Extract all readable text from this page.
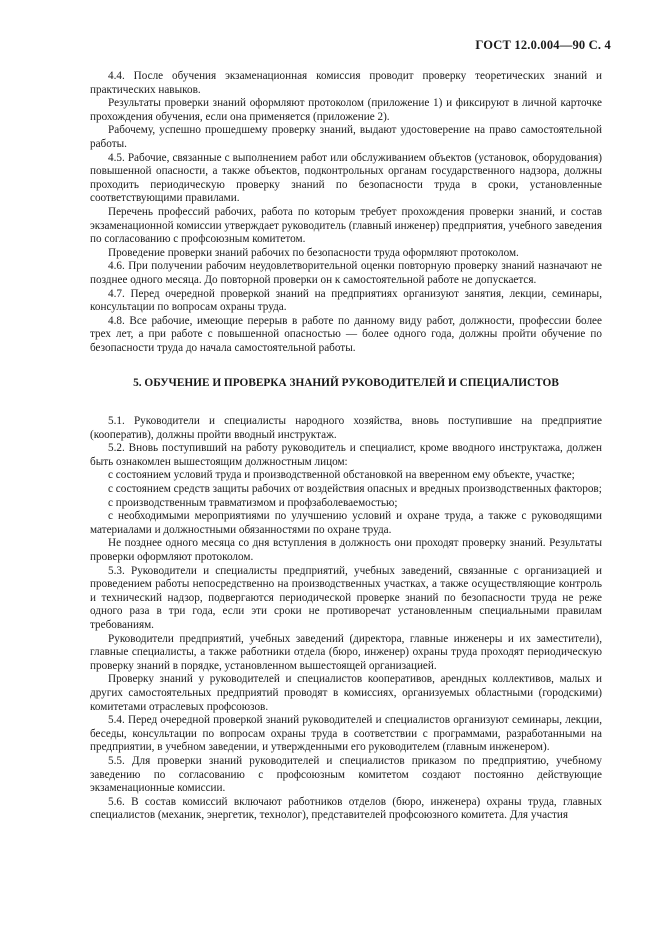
ГОСТ 12.0.004—90 С. 4

4.4. После обучения экзаменационная комиссия проводит проверку теоретических знаний и практических навыков.

Результаты проверки знаний оформляют протоколом (приложение 1) и фиксируют в личной карточке прохождения обучения, если она применяется (приложение 2).

Рабочему, успешно прошедшему проверку знаний, выдают удостоверение на право самостоятельной работы.

4.5. Рабочие, связанные с выполнением работ или обслуживанием объектов (установок, оборудования) повышенной опасности, а также объектов, подконтрольных органам государственного надзора, должны проходить периодическую проверку знаний по безопасности труда в сроки, установленные соответствующими правилами.

Перечень профессий рабочих, работа по которым требует прохождения проверки знаний, и состав экзаменационной комиссии утверждает руководитель (главный инженер) предприятия, учебного заведения по согласованию с профсоюзным комитетом.

Проведение проверки знаний рабочих по безопасности труда оформляют протоколом.

4.6. При получении рабочим неудовлетворительной оценки повторную проверку знаний назначают не позднее одного месяца. До повторной проверки он к самостоятельной работе не допускается.

4.7. Перед очередной проверкой знаний на предприятиях организуют занятия, лекции, семинары, консультации по вопросам охраны труда.

4.8. Все рабочие, имеющие перерыв в работе по данному виду работ, должности, профессии более трех лет, а при работе с повышенной опасностью — более одного года, должны пройти обучение по безопасности труда до начала самостоятельной работы.

5. ОБУЧЕНИЕ И ПРОВЕРКА ЗНАНИЙ РУКОВОДИТЕЛЕЙ И СПЕЦИАЛИСТОВ

5.1. Руководители и специалисты народного хозяйства, вновь поступившие на предприятие (кооператив), должны пройти вводный инструктаж.

5.2. Вновь поступивший на работу руководитель и специалист, кроме вводного инструктажа, должен быть ознакомлен вышестоящим должностным лицом:

с состоянием условий труда и производственной обстановкой на вверенном ему объекте, участке;

с состоянием средств защиты рабочих от воздействия опасных и вредных производственных факторов;

с производственным травматизмом и профзаболеваемостью;

с необходимыми мероприятиями по улучшению условий и охране труда, а также с руководящими материалами и должностными обязанностями по охране труда.

Не позднее одного месяца со дня вступления в должность они проходят проверку знаний. Результаты проверки оформляют протоколом.

5.3. Руководители и специалисты предприятий, учебных заведений, связанные с организацией и проведением работы непосредственно на производственных участках, а также осуществляющие контроль и технический надзор, подвергаются периодической проверке знаний по безопасности труда не реже одного раза в три года, если эти сроки не противоречат установленным специальными правилам требованиям.

Руководители предприятий, учебных заведений (директора, главные инженеры и их заместители), главные специалисты, а также работники отдела (бюро, инженер) охраны труда проходят периодическую проверку знаний в порядке, установленном вышестоящей организацией.

Проверку знаний у руководителей и специалистов кооперативов, арендных коллективов, малых и других самостоятельных предприятий проводят в комиссиях, организуемых областными (городскими) комитетами отраслевых профсоюзов.

5.4. Перед очередной проверкой знаний руководителей и специалистов организуют семинары, лекции, беседы, консультации по вопросам охраны труда в соответствии с программами, разработанными на предприятии, в учебном заведении, и утвержденными его руководителем (главным инженером).

5.5. Для проверки знаний руководителей и специалистов приказом по предприятию, учебному заведению по согласованию с профсоюзным комитетом создают постоянно действующие экзаменационные комиссии.

5.6. В состав комиссий включают работников отделов (бюро, инженера) охраны труда, главных специалистов (механик, энергетик, технолог), представителей профсоюзного комитета. Для участия
